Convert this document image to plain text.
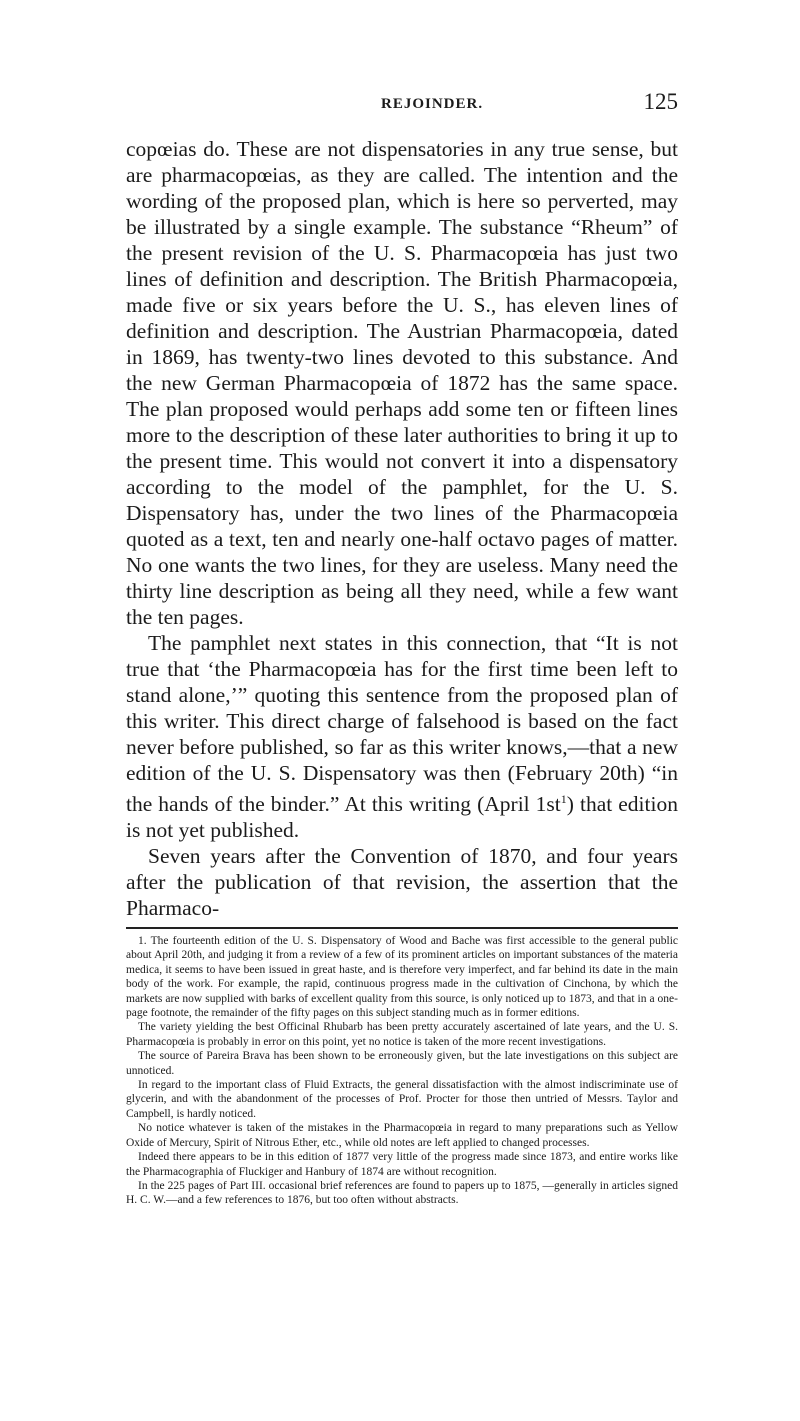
REJOINDER.	125

copœias do. These are not dispensatories in any true sense, but are pharmacopœias, as they are called. The intention and the wording of the proposed plan, which is here so perverted, may be illustrated by a single example. The substance “Rheum” of the present revision of the U. S. Pharmacopœia has just two lines of definition and description. The British Pharmacopœia, made five or six years before the U. S., has eleven lines of definition and description. The Austrian Pharmacopœia, dated in 1869, has twenty-two lines devoted to this substance. And the new German Pharmacopœia of 1872 has the same space. The plan proposed would perhaps add some ten or fifteen lines more to the description of these later authorities to bring it up to the present time. This would not convert it into a dispensatory according to the model of the pamphlet, for the U. S. Dispensatory has, under the two lines of the Pharmacopœia quoted as a text, ten and nearly one-half octavo pages of matter. No one wants the two lines, for they are useless. Many need the thirty line description as being all they need, while a few want the ten pages.

The pamphlet next states in this connection, that “It is not true that ‘the Pharmacopœia has for the first time been left to stand alone,’” quoting this sentence from the proposed plan of this writer. This direct charge of falsehood is based on the fact never before published, so far as this writer knows,—that a new edition of the U. S. Dispensatory was then (February 20th) “in the hands of the binder.” At this writing (April $1st^1$) that edition is not yet published.

Seven years after the Convention of 1870, and four years after the publication of that revision, the assertion that the Pharmaco-

1. The fourteenth edition of the U. S. Dispensatory of Wood and Bache was first accessible to the general public about April 20th, and judging it from a review of a few of its prominent articles on important substances of the materia medica, it seems to have been issued in great haste, and is therefore very imperfect, and far behind its date in the main body of the work. For example, the rapid, continuous progress made in the cultivation of Cinchona, by which the markets are now supplied with barks of excellent quality from this source, is only noticed up to 1873, and that in a one-page footnote, the remainder of the fifty pages on this subject standing much as in former editions.

The variety yielding the best Officinal Rhubarb has been pretty accurately ascertained of late years, and the U. S. Pharmacopœia is probably in error on this point, yet no notice is taken of the more recent investigations.

The source of Pareira Brava has been shown to be erroneously given, but the late investigations on this subject are unnoticed.

In regard to the important class of Fluid Extracts, the general dissatisfaction with the almost indiscriminate use of glycerin, and with the abandonment of the processes of Prof. Procter for those then untried of Messrs. Taylor and Campbell, is hardly noticed.

No notice whatever is taken of the mistakes in the Pharmacopœia in regard to many preparations such as Yellow Oxide of Mercury, Spirit of Nitrous Ether, etc., while old notes are left applied to changed processes.

Indeed there appears to be in this edition of 1877 very little of the progress made since 1873, and entire works like the Pharmacographia of Fluckiger and Hanbury of 1874 are without recognition.

In the 225 pages of Part III. occasional brief references are found to papers up to 1875, —generally in articles signed H. C. W.—and a few references to 1876, but too often without abstracts.
